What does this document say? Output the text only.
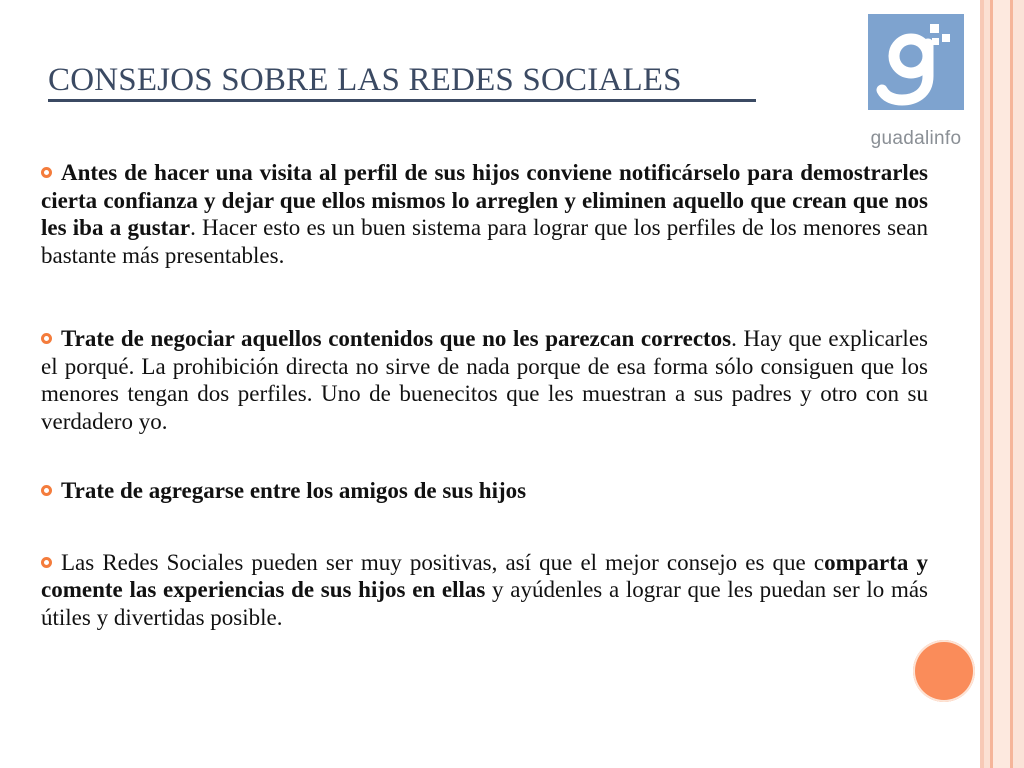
CONSEJOS SOBRE LAS REDES SOCIALES
guadalinfo

Antes de hacer una visita al perfil de sus hijos conviene notificárselo para demostrarles cierta confianza y dejar que ellos mismos lo arreglen y eliminen aquello que crean que nos les iba a gustar. Hacer esto es un buen sistema para lograr que los perfiles de los menores sean bastante más presentables.

Trate de negociar aquellos contenidos que no les parezcan correctos. Hay que explicarles el porqué. La prohibición directa no sirve de nada porque de esa forma sólo consiguen que los menores tengan dos perfiles. Uno de buenecitos que les muestran a sus padres y otro con su verdadero yo.

Trate de agregarse entre los amigos de sus hijos

Las Redes Sociales pueden ser muy positivas, así que el mejor consejo es que comparta y comente las experiencias de sus hijos en ellas y ayúdenles a lograr que les puedan ser lo más útiles y divertidas posible.
